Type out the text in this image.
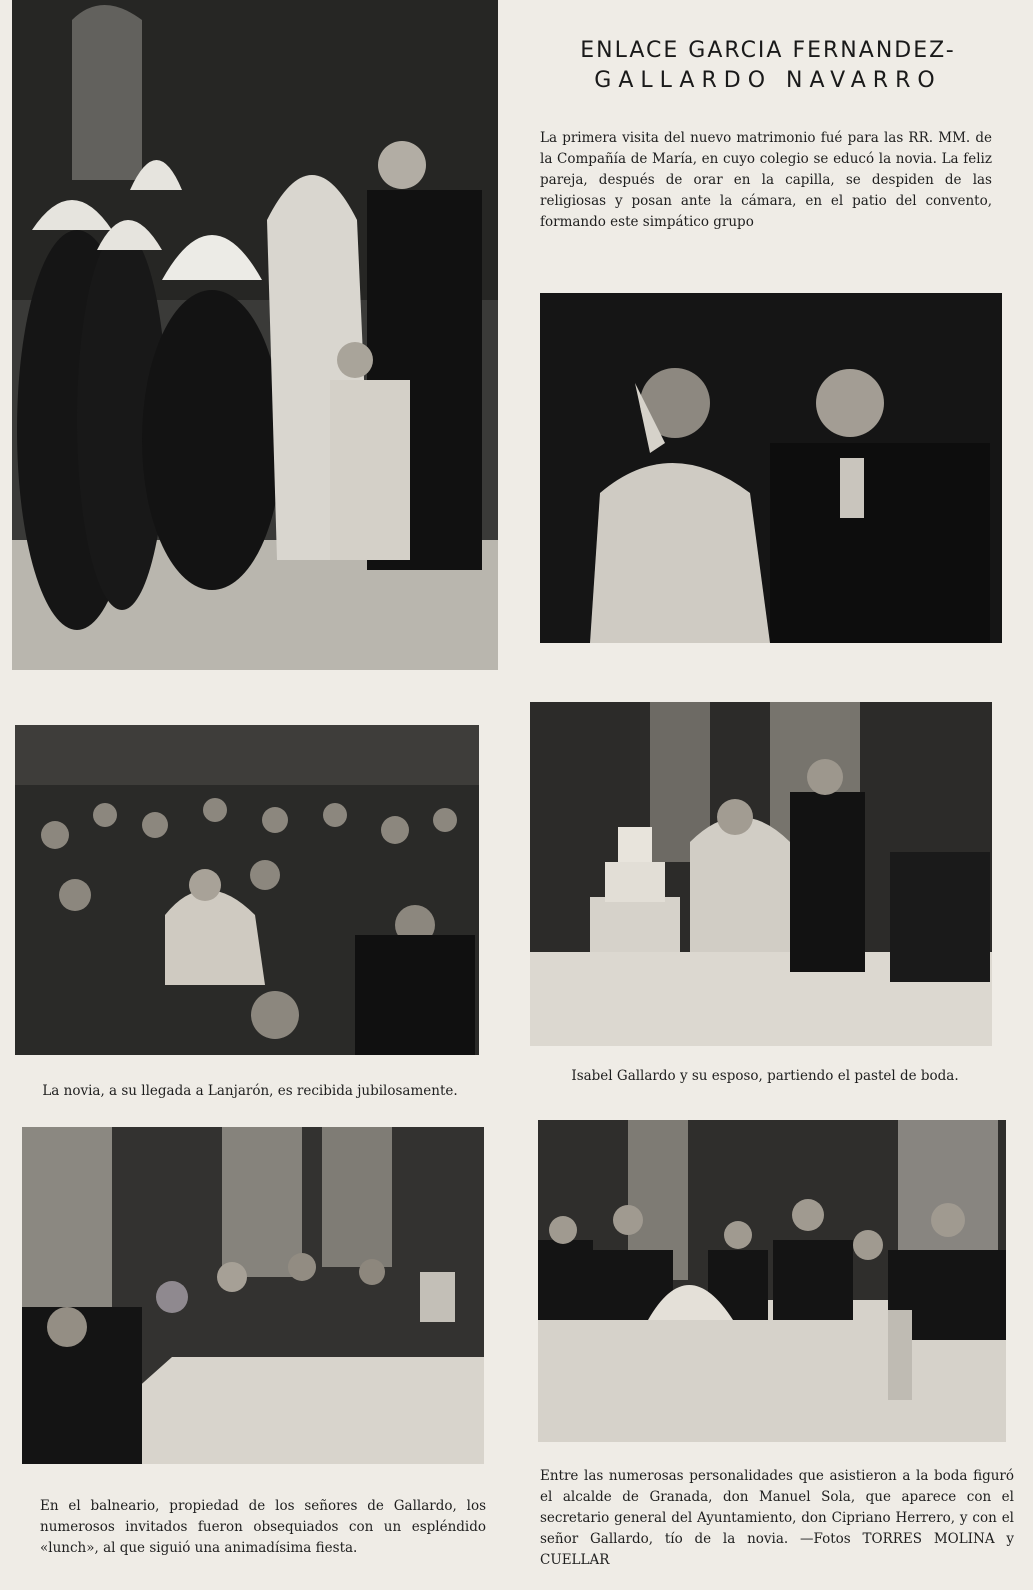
ENLACE GARCIA FERNANDEZ-
GALLARDO NAVARRO

La primera visita del nuevo matrimonio fué para las RR. MM. de la Compañía de María, en cuyo colegio se educó la novia. La feliz pareja, después de orar en la capilla, se despiden de las religiosas y posan ante la cámara, en el patio del convento, formando este simpático grupo

La novia, a su llegada a Lanjarón, es recibida jubilosamente.

Isabel Gallardo y su esposo, partiendo el pastel de boda.

En el balneario, propiedad de los señores de Gallardo, los numerosos invitados fueron obsequiados con un espléndido «lunch», al que siguió una animadísima fiesta.

Entre las numerosas personalidades que asistieron a la boda figuró el alcalde de Granada, don Manuel Sola, que aparece con el secretario general del Ayuntamiento, don Cipriano Herrero, y con el señor Gallardo, tío de la novia. —Fotos TORRES MOLINA y CUELLAR
